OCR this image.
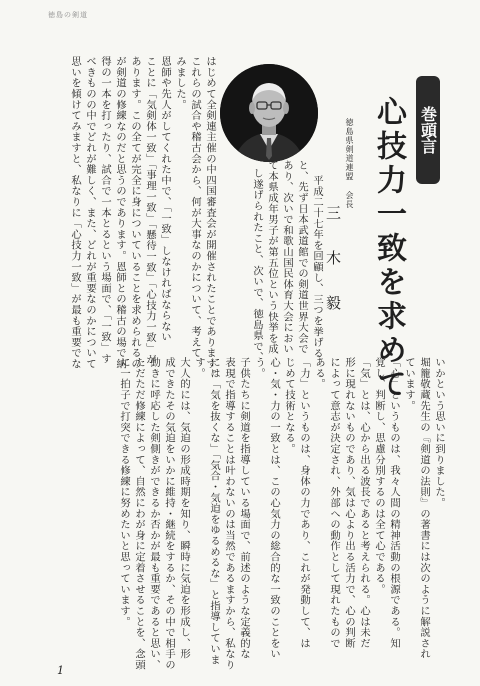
徳島の剣道
巻頭言
心技力一致を求めて
徳島県剣道連盟 会長
三木毅
平成二十七年を回顧し、三つを挙げる
と、先ず日本武道館での剣道世界大会で
あり、次いで和歌山国民体育大会におい
て本県成年男子が第五位という快挙を成
し遂げられたこと、次いで、徳島県で、
はじめて全剣連主催の中四国審査会が開催されたことであります。
これらの試合や稽古会から、何が大事なのかについて、考えて
みました。
恩師や先人がしてくれた中で、「一致」しなければならない
ことに「気剣体一致」「事理一致」「懸待一致」「心技力一致」が
あります。この全てが完全に身についていることを求められるの
が剣道の修練なのだと思うのであります。恩師との稽古の場で納
得の一本を打ったり、試合で一本とるという場面で、「一致」す
べきものの中でどれが難しく、また、どれが重要なのかについて
思いを傾けてみますと、私なりに「心技力一致」が最も重要でな
いかという思いに到りました。
堀籠敬蔵先生の『剣道の法則』の著書には次のように解説され
ています。
「心」というものは、我々人間の精神活動の根源である。知
覚し、判断し、思慮分別するのは全て心である。
「気」とは、心から出る波長であると考えられる。心は未だ
形に現れないものであり、気は心より出る活力で、心の判断
によって意志が決定され、外部への動作として現れたもので
ある。
「力」というものは、身体の力であり、これが発動して、は
じめて技術となる。
心・気・力の一致とは、この心気力の総合的な一致のことをい
う。
子供たちに剣道を指導している場面で、前述のような定義的な
表現で指導することは叶わないのは当然であるますから、私なり
には「気を抜くな」「気合・気迫をゆるめるな」と指導していま
す。
大人的には、気迫の形成時期を知り、瞬時に気迫を形成し、形
成できたその気迫をいかに維持・継続をするか、その中で相手の
動きに呼応した剣側きができるか否かが最も重要であると思い、
ただただ修練によって、自然にわが身に定着させることを、念頭
に一拍子で打突できる修練に努めたいと思っています。
1
